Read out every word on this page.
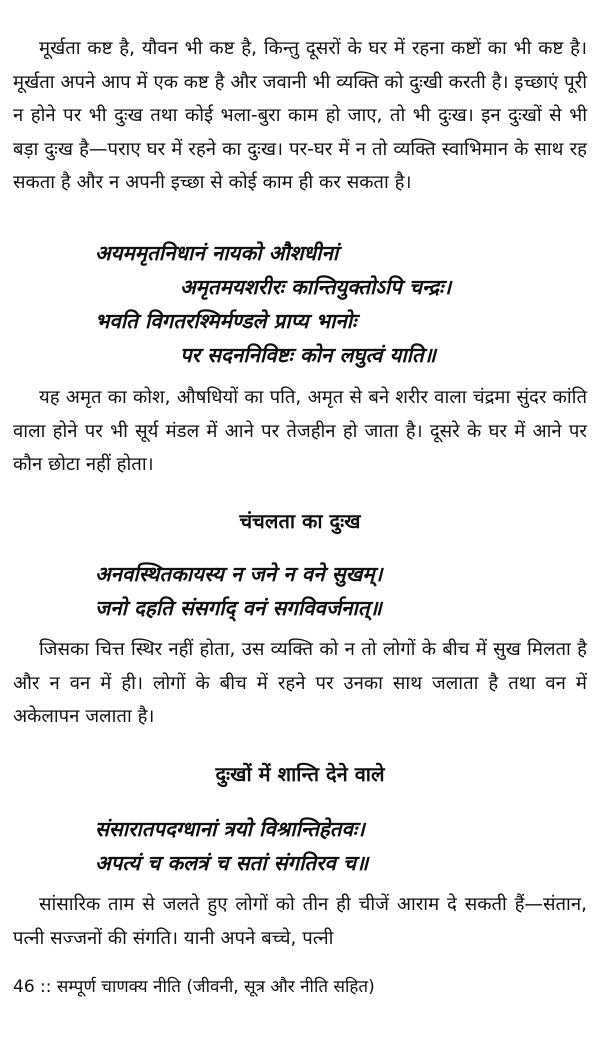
मूर्खता कष्ट है, यौवन भी कष्ट है, किन्तु दूसरों के घर में रहना कष्टों का भी कष्ट है। मूर्खता अपने आप में एक कष्ट है और जवानी भी व्यक्ति को दुःखी करती है। इच्छाएं पूरी न होने पर भी दुःख तथा कोई भला-बुरा काम हो जाए, तो भी दुःख। इन दुःखों से भी बड़ा दुःख है—पराए घर में रहने का दुःख। पर-घर में न तो व्यक्ति स्वाभिमान के साथ रह सकता है और न अपनी इच्छा से कोई काम ही कर सकता है।

अयममृतनिधानं नायको औशधीनां

अमृतमयशरीरः कान्तियुक्तोऽपि चन्द्रः।

भवति विगतरश्मिर्मण्डले प्राप्य भानोः

पर सदननिविष्टः कोन लघुत्वं याति॥

यह अमृत का कोश, औषधियों का पति, अमृत से बने शरीर वाला चंद्रमा सुंदर कांति वाला होने पर भी सूर्य मंडल में आने पर तेजहीन हो जाता है। दूसरे के घर में आने पर कौन छोटा नहीं होता।

चंचलता का दुःख

अनवस्थितकायस्य न जने न वने सुखम्।

जनो दहति संसर्गाद् वनं सगविवर्जनात्॥

जिसका चित्त स्थिर नहीं होता, उस व्यक्ति को न तो लोगों के बीच में सुख मिलता है और न वन में ही। लोगों के बीच में रहने पर उनका साथ जलाता है तथा वन में अकेलापन जलाता है।

दुःखों में शान्ति देने वाले

संसारातपदग्धानां त्रयो विश्रान्तिहेतवः।

अपत्यं च कलत्रं च सतां संगतिरव च॥

सांसारिक ताम से जलते हुए लोगों को तीन ही चीजें आराम दे सकती हैं—संतान, पत्नी सज्जनों की संगति। यानी अपने बच्चे, पत्नी

46 :: सम्पूर्ण चाणक्य नीति (जीवनी, सूत्र और नीति सहित)
